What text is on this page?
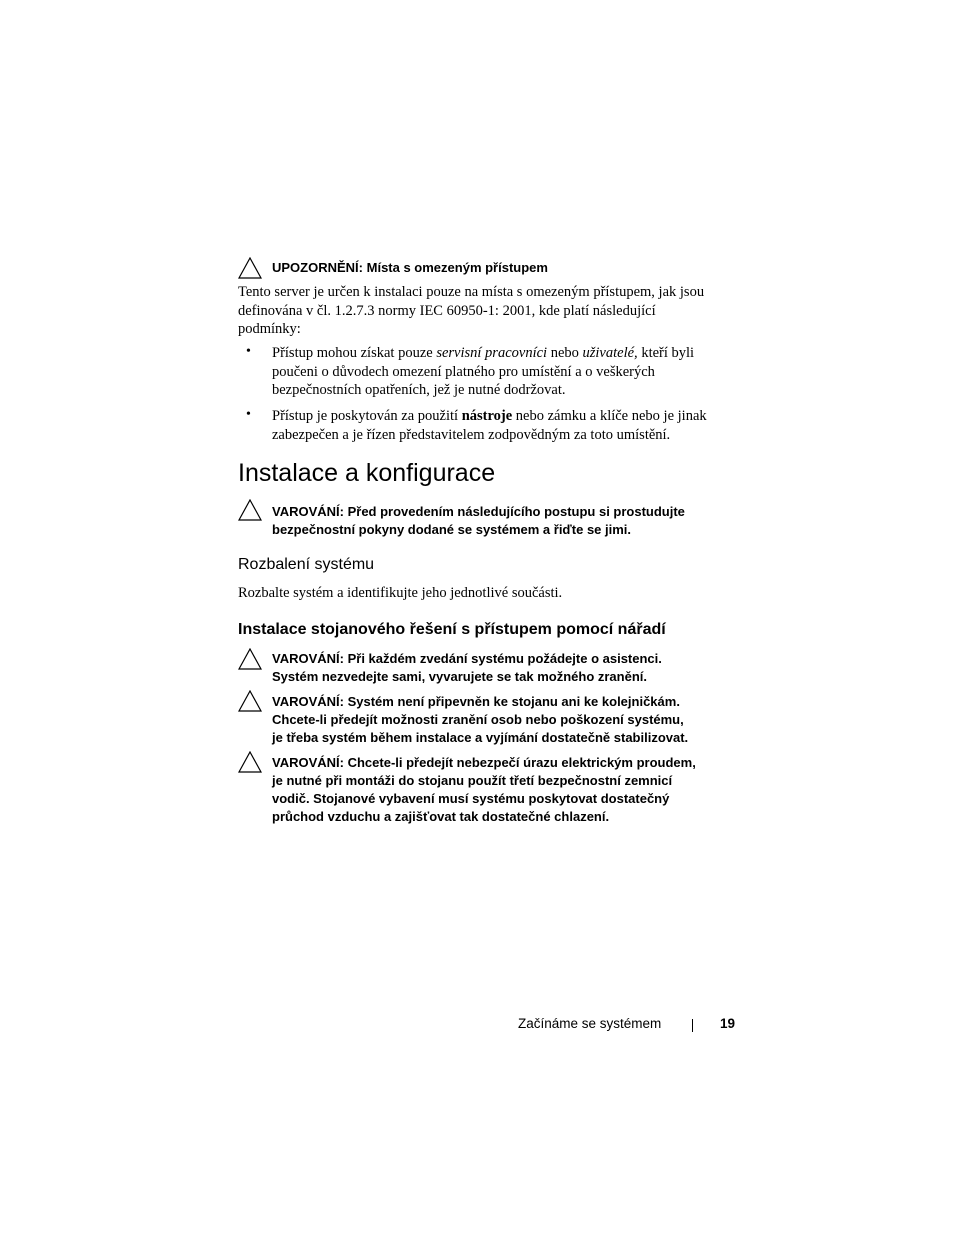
UPOZORNĚNÍ: Místa s omezeným přístupem
Tento server je určen k instalaci pouze na místa s omezeným přístupem, jak jsou
definována v čl. 1.2.7.3 normy IEC 60950-1: 2001, kde platí následující
podmínky:
• Přístup mohou získat pouze servisní pracovníci nebo uživatelé, kteří byli
poučeni o důvodech omezení platného pro umístění a o veškerých
bezpečnostních opatřeních, jež je nutné dodržovat.
• Přístup je poskytován za použití nástroje nebo zámku a klíče nebo je jinak
zabezpečen a je řízen představitelem zodpovědným za toto umístění.
Instalace a konfigurace
VAROVÁNÍ: Před provedením následujícího postupu si prostudujte
bezpečnostní pokyny dodané se systémem a řiďte se jimi.
Rozbalení systému
Rozbalte systém a identifikujte jeho jednotlivé součásti.
Instalace stojanového řešení s přístupem pomocí nářadí
VAROVÁNÍ: Při každém zvedání systému požádejte o asistenci.
Systém nezvedejte sami, vyvarujete se tak možného zranění.
VAROVÁNÍ: Systém není připevněn ke stojanu ani ke kolejničkám.
Chcete-li předejít možnosti zranění osob nebo poškození systému,
je třeba systém během instalace a vyjímání dostatečně stabilizovat.
VAROVÁNÍ: Chcete-li předejít nebezpečí úrazu elektrickým proudem,
je nutné při montáži do stojanu použít třetí bezpečnostní zemnicí
vodič. Stojanové vybavení musí systému poskytovat dostatečný
průchod vzduchu a zajišťovat tak dostatečné chlazení.
Začínáme se systémem	19
